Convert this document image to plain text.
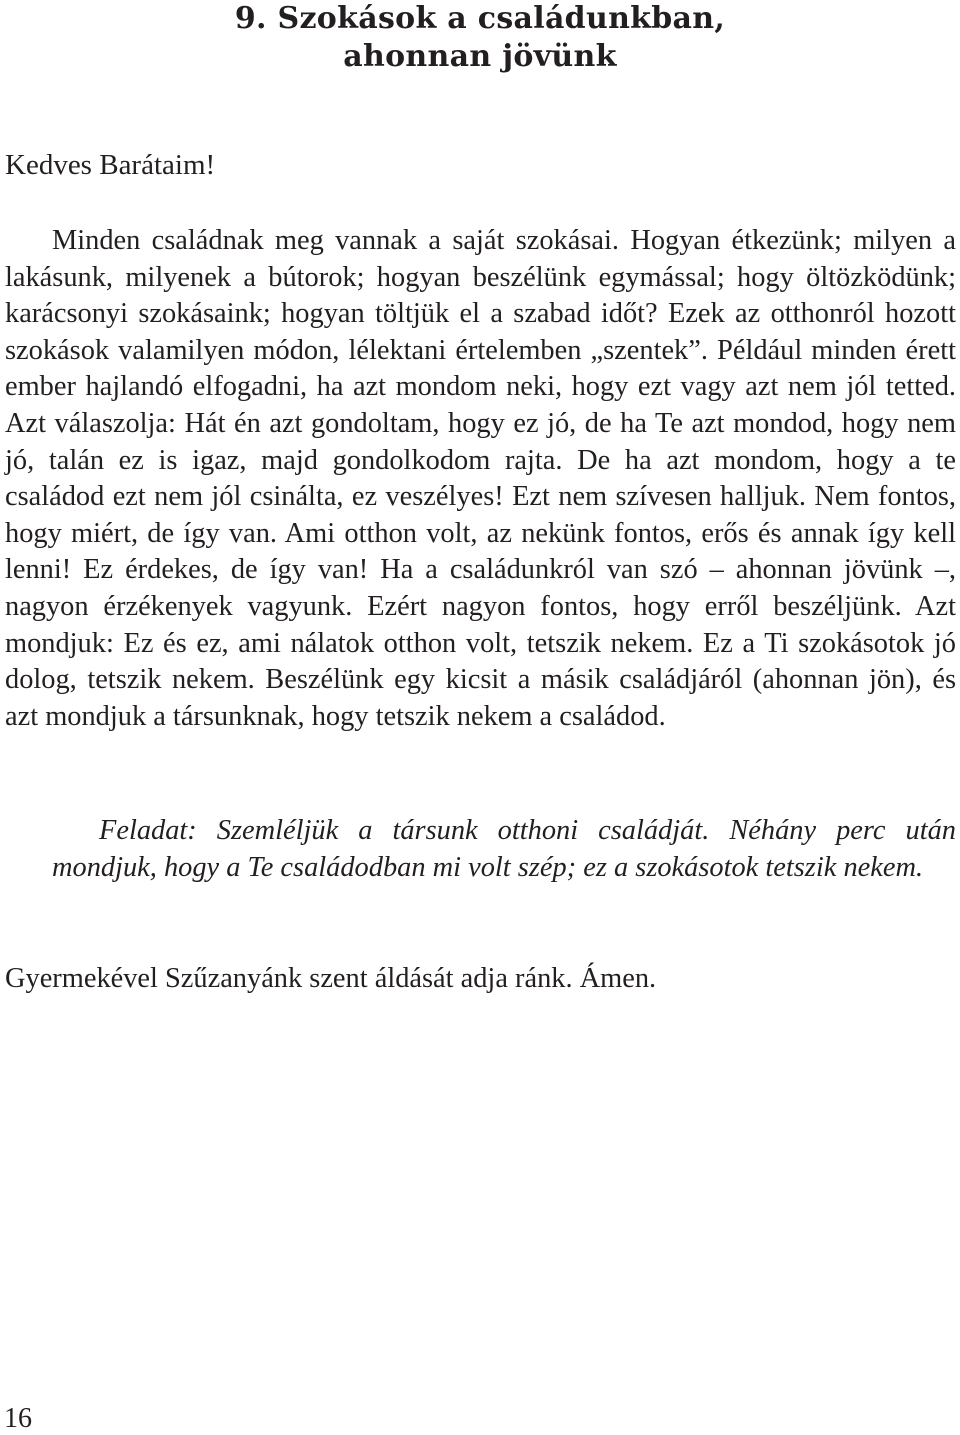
9. Szokások a családunkban,
ahonnan jövünk

Kedves Barátaim!

Minden családnak meg vannak a saját szokásai. Hogyan étkezünk; milyen a lakásunk, milyenek a bútorok; hogyan beszélünk egymással; hogy öltözködünk; karácsonyi szokásaink; hogyan töltjük el a szabad időt? Ezek az otthonról hozott szokások valamilyen módon, lélektani értelemben „szentek”. Például minden érett ember hajlandó elfogadni, ha azt mondom neki, hogy ezt vagy azt nem jól tetted. Azt válaszolja: Hát én azt gondoltam, hogy ez jó, de ha Te azt mondod, hogy nem jó, talán ez is igaz, majd gondolkodom rajta. De ha azt mondom, hogy a te családod ezt nem jól csinálta, ez veszélyes! Ezt nem szívesen halljuk. Nem fontos, hogy miért, de így van. Ami otthon volt, az nekünk fontos, erős és annak így kell lenni! Ez érdekes, de így van! Ha a családunkról van szó – ahonnan jövünk –, nagyon érzékenyek vagyunk. Ezért nagyon fontos, hogy erről beszéljünk. Azt mondjuk: Ez és ez, ami nálatok otthon volt, tetszik nekem. Ez a Ti szokásotok jó dolog, tetszik nekem. Beszélünk egy kicsit a másik családjáról (ahonnan jön), és azt mondjuk a társunknak, hogy tetszik nekem a családod.

Feladat: Szemléljük a társunk otthoni családját. Néhány perc után mondjuk, hogy a Te családodban mi volt szép; ez a szokásotok tetszik nekem.

Gyermekével Szűzanyánk szent áldását adja ránk. Ámen.

16
